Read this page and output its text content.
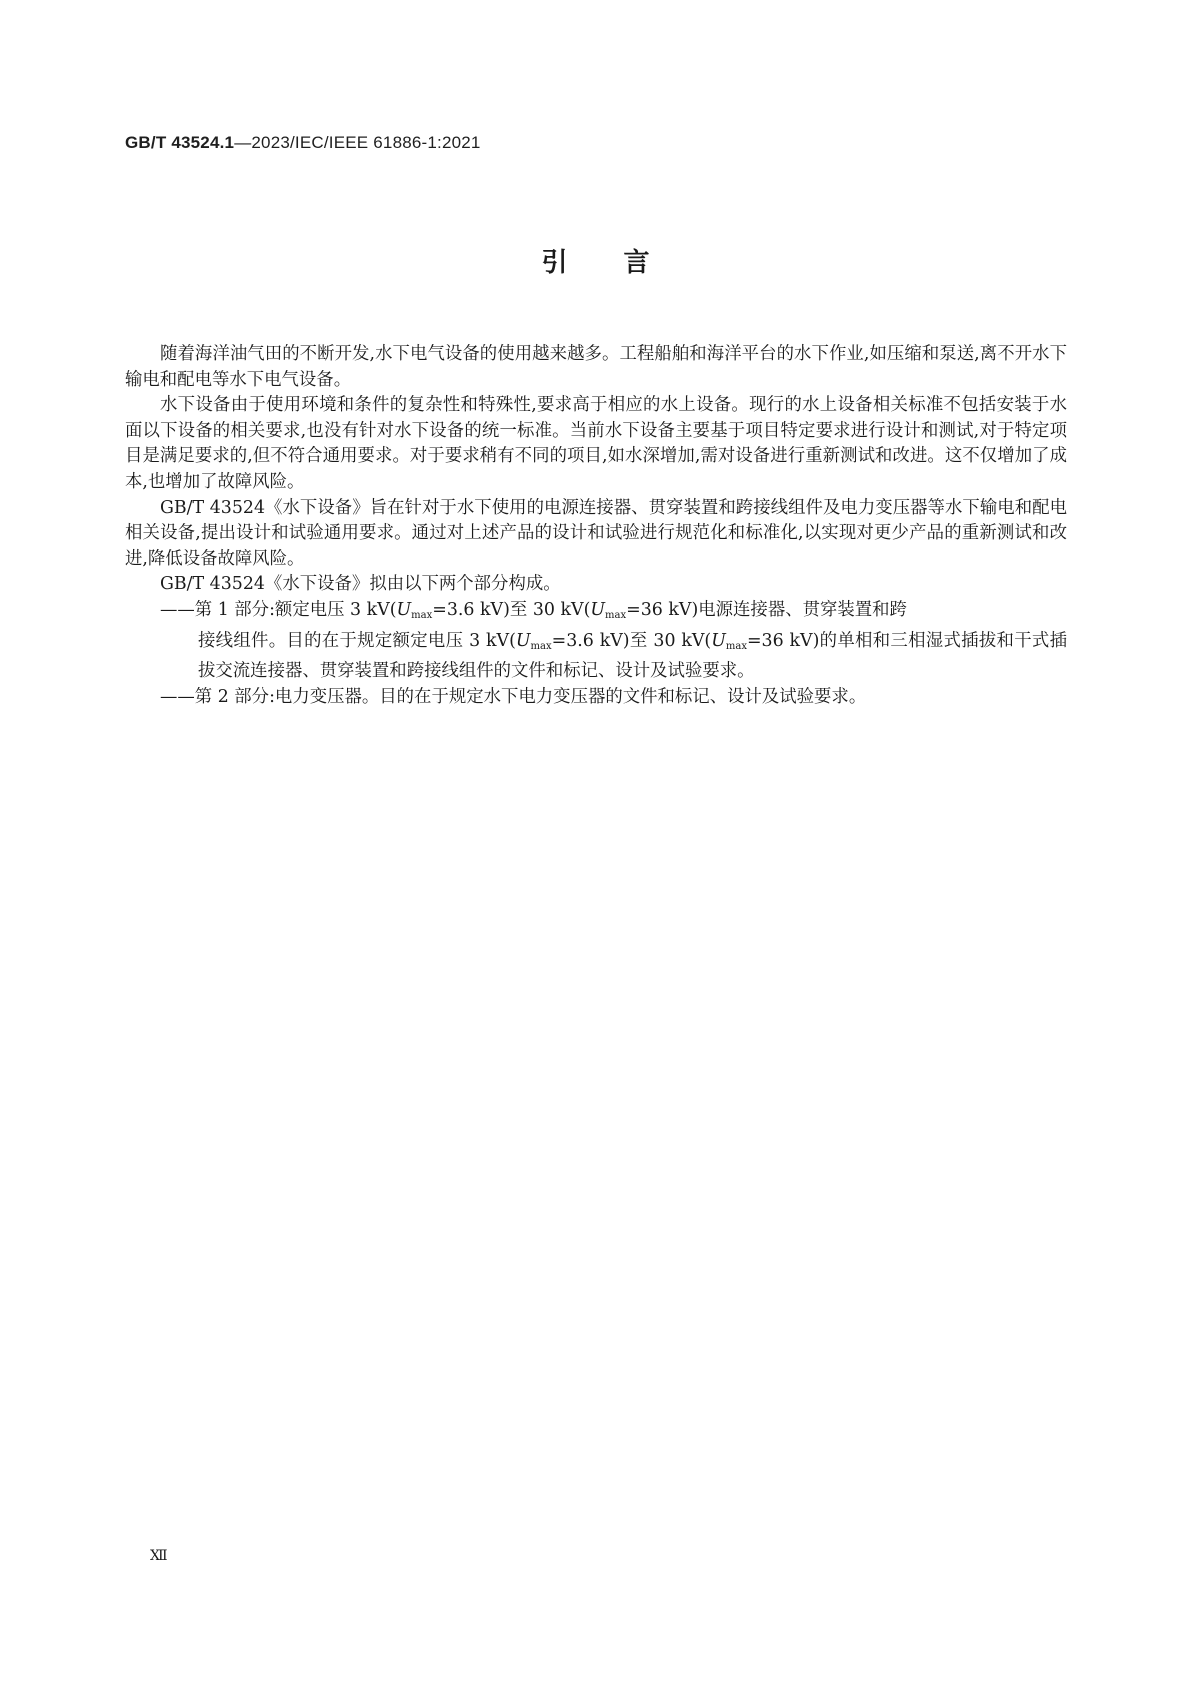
GB/T 43524.1—2023/IEC/IEEE 61886-1:2021
引言

随着海洋油气田的不断开发,水下电气设备的使用越来越多。工程船舶和海洋平台的水下作业,如压缩和泵送,离不开水下输电和配电等水下电气设备。

水下设备由于使用环境和条件的复杂性和特殊性,要求高于相应的水上设备。现行的水上设备相关标准不包括安装于水面以下设备的相关要求,也没有针对水下设备的统一标准。当前水下设备主要基于项目特定要求进行设计和测试,对于特定项目是满足要求的,但不符合通用要求。对于要求稍有不同的项目,如水深增加,需对设备进行重新测试和改进。这不仅增加了成本,也增加了故障风险。

GB/T 43524《水下设备》旨在针对于水下使用的电源连接器、贯穿装置和跨接线组件及电力变压器等水下输电和配电相关设备,提出设计和试验通用要求。通过对上述产品的设计和试验进行规范化和标准化,以实现对更少产品的重新测试和改进,降低设备故障风险。

GB/T 43524《水下设备》拟由以下两个部分构成。

——第 1 部分:额定电压 3 $kV(U_{max}=3.6$ kV)至 30 $kV(U_{max}=36$ kV)电源连接器、贯穿装置和跨
接线组件。目的在于规定额定电压 3 $kV(U_{max}=3.6$ kV)至 30 $kV(U_{max}=36$ kV)的单相和三相湿式插拔和干式插拔交流连接器、贯穿装置和跨接线组件的文件和标记、设计及试验要求。

——第 2 部分:电力变压器。目的在于规定水下电力变压器的文件和标记、设计及试验要求。

Ⅻ
